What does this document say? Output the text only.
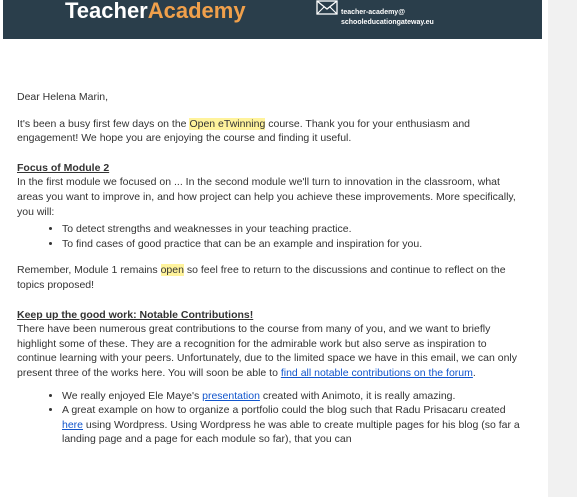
TeacherAcademy	teacher-academy@
schooleducationgateway.eu

Dear Helena Marin,

It's been a busy first few days on the Open eTwinning course. Thank you for your enthusiasm and engagement! We hope you are enjoying the course and finding it useful.

Focus of Module 2

In the first module we focused on ... In the second module we'll turn to innovation in the classroom, what areas you want to improve in, and how project can help you achieve these improvements. More specifically, you will:

• To detect strengths and weaknesses in your teaching practice.
• To find cases of good practice that can be an example and inspiration for you.

Remember, Module 1 remains open so feel free to return to the discussions and continue to reflect on the topics proposed!

Keep up the good work: Notable Contributions!

There have been numerous great contributions to the course from many of you, and we want to briefly highlight some of these. They are a recognition for the admirable work but also serve as inspiration to continue learning with your peers. Unfortunately, due to the limited space we have in this email, we can only present three of the works here. You will soon be able to find all notable contributions on the forum.

• We really enjoyed Ele Maye's presentation created with Animoto, it is really amazing.
• A great example on how to organize a portfolio could the blog such that Radu Prisacaru created here using Wordpress. Using Wordpress he was able to create multiple pages for his blog (so far a landing page and a page for each module so far), that you can
